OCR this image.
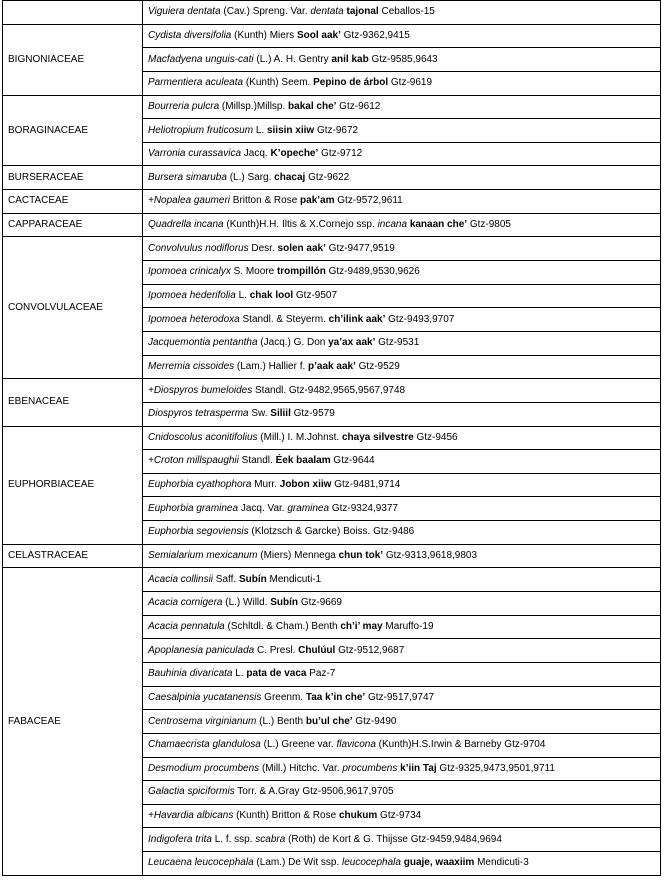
	Viguiera dentata (Cav.) Spreng. Var. dentata tajonal Ceballos-15
BIGNONIACEAE	Cydista diversifolia (Kunth) Miers Sool aak’ Gtz-9362,9415
	Macfadyena unguis-cati (L.) A. H. Gentry anil kab Gtz-9585,9643
	Parmentiera aculeata (Kunth) Seem. Pepino de árbol Gtz-9619
BORAGINACEAE	Bourreria pulcra (Millsp.)Millsp. bakal che’ Gtz-9612
	Heliotropium fruticosum L. siisin xiiw Gtz-9672
	Varronia curassavica Jacq. K’opeche’ Gtz-9712
BURSERACEAE	Bursera simaruba (L.) Sarg. chacaj Gtz-9622
CACTACEAE	+Nopalea gaumeri Britton & Rose pak’am Gtz-9572,9611
CAPPARACEAE	Quadrella incana (Kunth)H.H. Iltis & X.Cornejo ssp. incana kanaan che’ Gtz-9805
CONVOLVULACEAE	Convolvulus nodiflorus Desr. solen aak’ Gtz-9477,9519
	Ipomoea crinicalyx S. Moore trompillón Gtz-9489,9530,9626
	Ipomoea hederifolia L. chak lool Gtz-9507
	Ipomoea heterodoxa Standl. & Steyerm. ch’ilink aak’ Gtz-9493,9707
	Jacquemontia pentantha (Jacq.) G. Don ya’ax aak’ Gtz-9531
	Merremia cissoides (Lam.) Hallier f. p’aak aak’ Gtz-9529
EBENACEAE	+Diospyros bumeloides Standl. Gtz-9482,9565,9567,9748
	Diospyros tetrasperma Sw. Siliil Gtz-9579
EUPHORBIACEAE	Cnidoscolus aconitifolius (Mill.) I. M.Johnst. chaya silvestre Gtz-9456
	+Croton millspaughii Standl. Éek baalam Gtz-9644
	Euphorbia cyathophora Murr. Jobon xiiw Gtz-9481,9714
	Euphorbia graminea Jacq. Var. graminea Gtz-9324,9377
	Euphorbia segoviensis (Klotzsch & Garcke) Boiss. Gtz-9486
CELASTRACEAE	Semialarium mexicanum (Miers) Mennega chun tok’ Gtz-9313,9618,9803
FABACEAE	Acacia collinsii Saff. Subín Mendicuti-1
	Acacia cornigera (L.) Willd. Subín Gtz-9669
	Acacia pennatula (Schltdl. & Cham.) Benth ch’i’ may Maruffo-19
	Apoplanesia paniculada C. Presl. Chulúul Gtz-9512,9687
	Bauhinia divaricata L. pata de vaca Paz-7
	Caesalpinia yucatanensis Greenm. Taa k’in che’ Gtz-9517,9747
	Centrosema virginianum (L.) Benth bu’ul che’ Gtz-9490
	Chamaecrista glandulosa (L.) Greene var. flavicona (Kunth)H.S.Irwin & Barneby Gtz-9704
	Desmodium procumbens (Mill.) Hitchc. Var. procumbens k’iin Taj Gtz-9325,9473,9501,9711
	Galactia spiciformis Torr. & A.Gray Gtz-9506,9617,9705
	+Havardia albicans (Kunth) Britton & Rose chukum Gtz-9734
	Indigofera trita L. f. ssp. scabra (Roth) de Kort & G. Thijsse Gtz-9459,9484,9694
	Leucaena leucocephala (Lam.) De Wit ssp. leucocephala guaje, waaxiim Mendicuti-3
